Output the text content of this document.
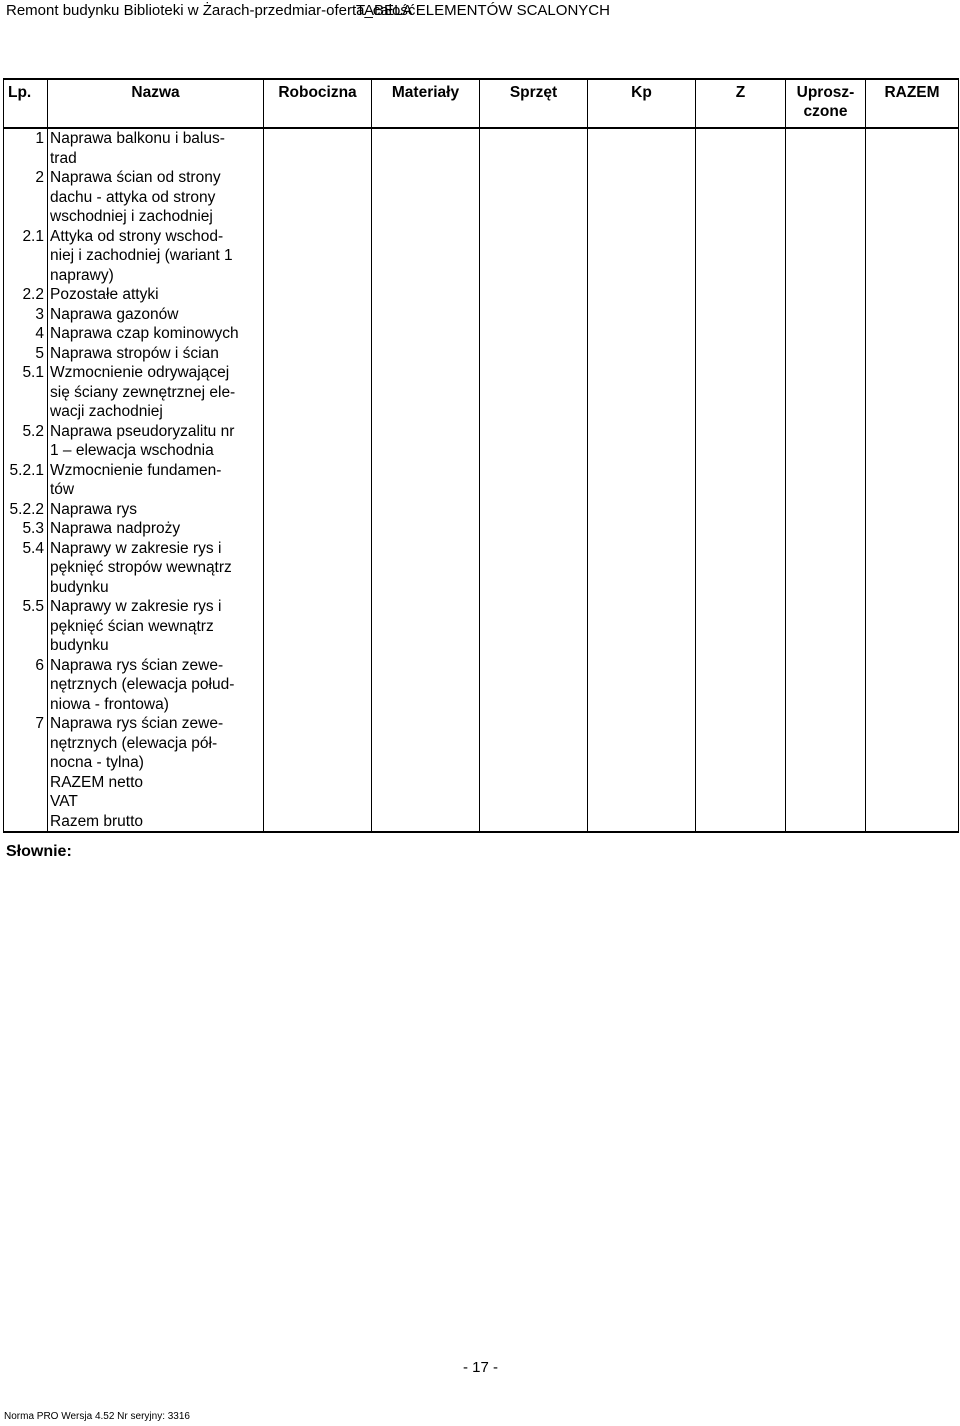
Remont budynku Biblioteki w Żarach-przedmiar-oferta_całość
TABELA ELEMENTÓW SCALONYCH
Lp.	Nazwa	Robocizna	Materiały	Sprzęt	Kp	Z	Uprosz-
czone	RAZEM
1	Naprawa balkonu i balus-
trad							
2	Naprawa ścian od strony
dachu - attyka od strony
wschodniej i zachodniej							
2.1	Attyka od strony wschod-
niej i zachodniej (wariant 1
naprawy)							
2.2	Pozostałe attyki							
3	Naprawa gazonów							
4	Naprawa czap kominowych							
5	Naprawa stropów i ścian							
5.1	Wzmocnienie odrywającej
się ściany zewnętrznej ele-
wacji zachodniej							
5.2	Naprawa pseudoryzalitu nr
1 – elewacja wschodnia							
5.2.1	Wzmocnienie fundamen-
tów							
5.2.2	Naprawa rys							
5.3	Naprawa nadproży							
5.4	Naprawy w zakresie rys i
pęknięć stropów wewnątrz
budynku							
5.5	Naprawy w zakresie rys i
pęknięć ścian wewnątrz
budynku							
6	Naprawa rys ścian zewe-
nętrznych (elewacja połud-
niowa - frontowa)							
7	Naprawa rys ścian zewe-
nętrznych (elewacja pół-
nocna - tylna)							
	RAZEM netto							
	VAT							
	Razem brutto							
Słownie:
- 17 -
Norma PRO Wersja 4.52 Nr seryjny: 3316
